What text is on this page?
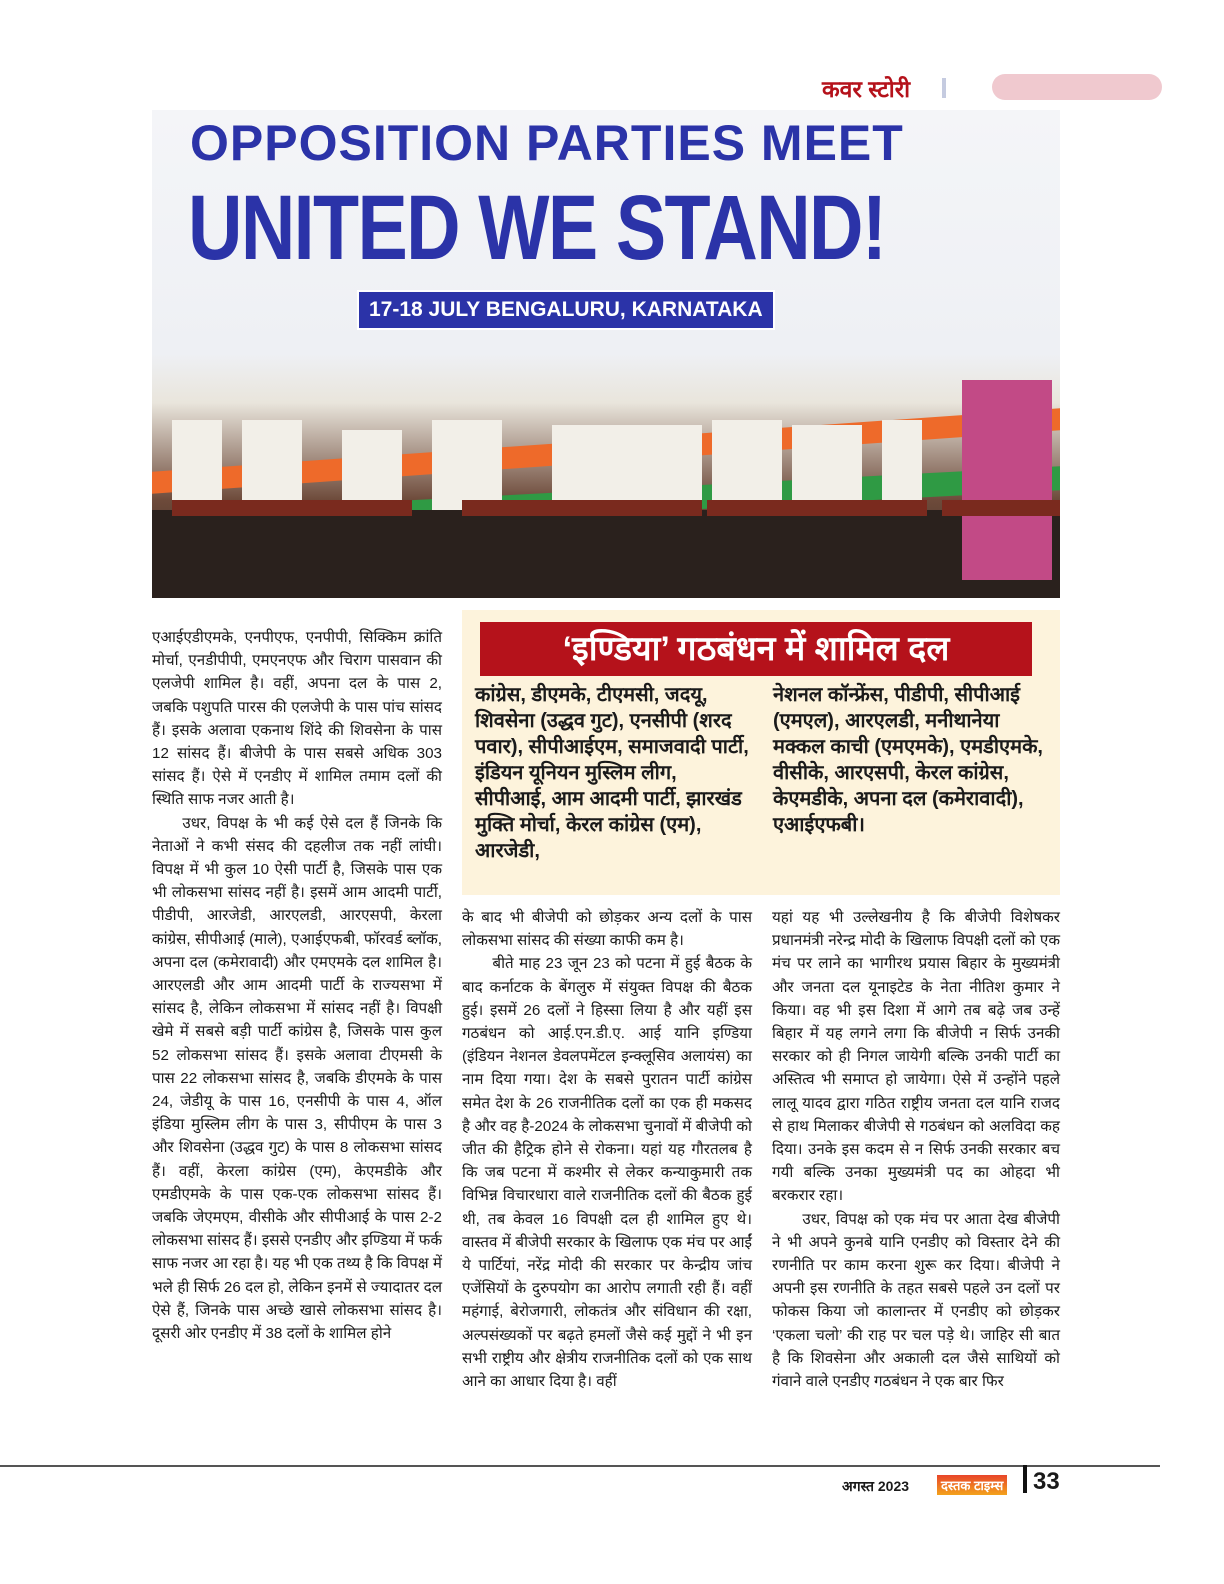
कवर स्टोरी
OPPOSITION PARTIES MEET
UNITED WE STAND!
17-18 JULY BENGALURU, KARNATAKA

एआईएडीएमके, एनपीएफ, एनपीपी, सिक्किम क्रांति मोर्चा, एनडीपीपी, एमएनएफ और चिराग पासवान की एलजेपी शामिल है। वहीं, अपना दल के पास 2, जबकि पशुपति पारस की एलजेपी के पास पांच सांसद हैं। इसके अलावा एकनाथ शिंदे की शिवसेना के पास 12 सांसद हैं। बीजेपी के पास सबसे अधिक 303 सांसद हैं। ऐसे में एनडीए में शामिल तमाम दलों की स्थिति साफ नजर आती है।

उधर, विपक्ष के भी कई ऐसे दल हैं जिनके कि नेताओं ने कभी संसद की दहलीज तक नहीं लांघी। विपक्ष में भी कुल 10 ऐसी पार्टी है, जिसके पास एक भी लोकसभा सांसद नहीं है। इसमें आम आदमी पार्टी, पीडीपी, आरजेडी, आरएलडी, आरएसपी, केरला कांग्रेस, सीपीआई (माले), एआईएफबी, फॉरवर्ड ब्लॉक, अपना दल (कमेरावादी) और एमएमके दल शामिल है। आरएलडी और आम आदमी पार्टी के राज्यसभा में सांसद है, लेकिन लोकसभा में सांसद नहीं है। विपक्षी खेमे में सबसे बड़ी पार्टी कांग्रेस है, जिसके पास कुल 52 लोकसभा सांसद हैं। इसके अलावा टीएमसी के पास 22 लोकसभा सांसद है, जबकि डीएमके के पास 24, जेडीयू के पास 16, एनसीपी के पास 4, ऑल इंडिया मुस्लिम लीग के पास 3, सीपीएम के पास 3 और शिवसेना (उद्धव गुट) के पास 8 लोकसभा सांसद हैं। वहीं, केरला कांग्रेस (एम), केएमडीके और एमडीएमके के पास एक-एक लोकसभा सांसद हैं। जबकि जेएमएम, वीसीके और सीपीआई के पास 2-2 लोकसभा सांसद हैं। इससे एनडीए और इण्डिया में फर्क साफ नजर आ रहा है। यह भी एक तथ्य है कि विपक्ष में भले ही सिर्फ 26 दल हो, लेकिन इनमें से ज्यादातर दल ऐसे हैं, जिनके पास अच्छे खासे लोकसभा सांसद है। दूसरी ओर एनडीए में 38 दलों के शामिल होने

‘इण्डिया’ गठबंधन में शामिल दल
कांग्रेस, डीएमके, टीएमसी, जदयू, शिवसेना (उद्धव गुट), एनसीपी (शरद पवार), सीपीआईएम, समाजवादी पार्टी, इंडियन यूनियन मुस्लिम लीग, सीपीआई, आम आदमी पार्टी, झारखंड मुक्ति मोर्चा, केरल कांग्रेस (एम), आरजेडी,
नेशनल कॉन्फ्रेंस, पीडीपी, सीपीआई (एमएल), आरएलडी, मनीथानेया मक्कल काची (एमएमके), एमडीएमके, वीसीके, आरएसपी, केरल कांग्रेस, केएमडीके, अपना दल (कमेरावादी), एआईएफबी।

के बाद भी बीजेपी को छोड़कर अन्य दलों के पास लोकसभा सांसद की संख्या काफी कम है।

बीते माह 23 जून 23 को पटना में हुई बैठक के बाद कर्नाटक के बेंगलुरु में संयुक्त विपक्ष की बैठक हुई। इसमें 26 दलों ने हिस्सा लिया है और यहीं इस गठबंधन को आई.एन.डी.ए. आई यानि इण्डिया (इंडियन नेशनल डेवलपमेंटल इन्क्लूसिव अलायंस) का नाम दिया गया। देश के सबसे पुरातन पार्टी कांग्रेस समेत देश के 26 राजनीतिक दलों का एक ही मकसद है और वह है-2024 के लोकसभा चुनावों में बीजेपी को जीत की हैट्रिक होने से रोकना। यहां यह गौरतलब है कि जब पटना में कश्मीर से लेकर कन्याकुमारी तक विभिन्न विचारधारा वाले राजनीतिक दलों की बैठक हुई थी, तब केवल 16 विपक्षी दल ही शामिल हुए थे। वास्तव में बीजेपी सरकार के खिलाफ एक मंच पर आईं ये पार्टियां, नरेंद्र मोदी की सरकार पर केन्द्रीय जांच एजेंसियों के दुरुपयोग का आरोप लगाती रही हैं। वहीं महंगाई, बेरोजगारी, लोकतंत्र और संविधान की रक्षा, अल्पसंख्यकों पर बढ़ते हमलों जैसे कई मुद्दों ने भी इन सभी राष्ट्रीय और क्षेत्रीय राजनीतिक दलों को एक साथ आने का आधार दिया है। वहीं

यहां यह भी उल्लेखनीय है कि बीजेपी विशेषकर प्रधानमंत्री नरेन्द्र मोदी के खिलाफ विपक्षी दलों को एक मंच पर लाने का भागीरथ प्रयास बिहार के मुख्यमंत्री और जनता दल यूनाइटेड के नेता नीतिश कुमार ने किया। वह भी इस दिशा में आगे तब बढ़े जब उन्हें बिहार में यह लगने लगा कि बीजेपी न सिर्फ उनकी सरकार को ही निगल जायेगी बल्कि उनकी पार्टी का अस्तित्व भी समाप्त हो जायेगा। ऐसे में उन्होंने पहले लालू यादव द्वारा गठित राष्ट्रीय जनता दल यानि राजद से हाथ मिलाकर बीजेपी से गठबंधन को अलविदा कह दिया। उनके इस कदम से न सिर्फ उनकी सरकार बच गयी बल्कि उनका मुख्यमंत्री पद का ओहदा भी बरकरार रहा।

उधर, विपक्ष को एक मंच पर आता देख बीजेपी ने भी अपने कुनबे यानि एनडीए को विस्तार देने की रणनीति पर काम करना शुरू कर दिया। बीजेपी ने अपनी इस रणनीति के तहत सबसे पहले उन दलों पर फोकस किया जो कालान्तर में एनडीए को छोड़कर ‘एकला चलो’ की राह पर चल पड़े थे। जाहिर सी बात है कि शिवसेना और अकाली दल जैसे साथियों को गंवाने वाले एनडीए गठबंधन ने एक बार फिर

अगस्त 2023	दस्तक टाइम्स 33
